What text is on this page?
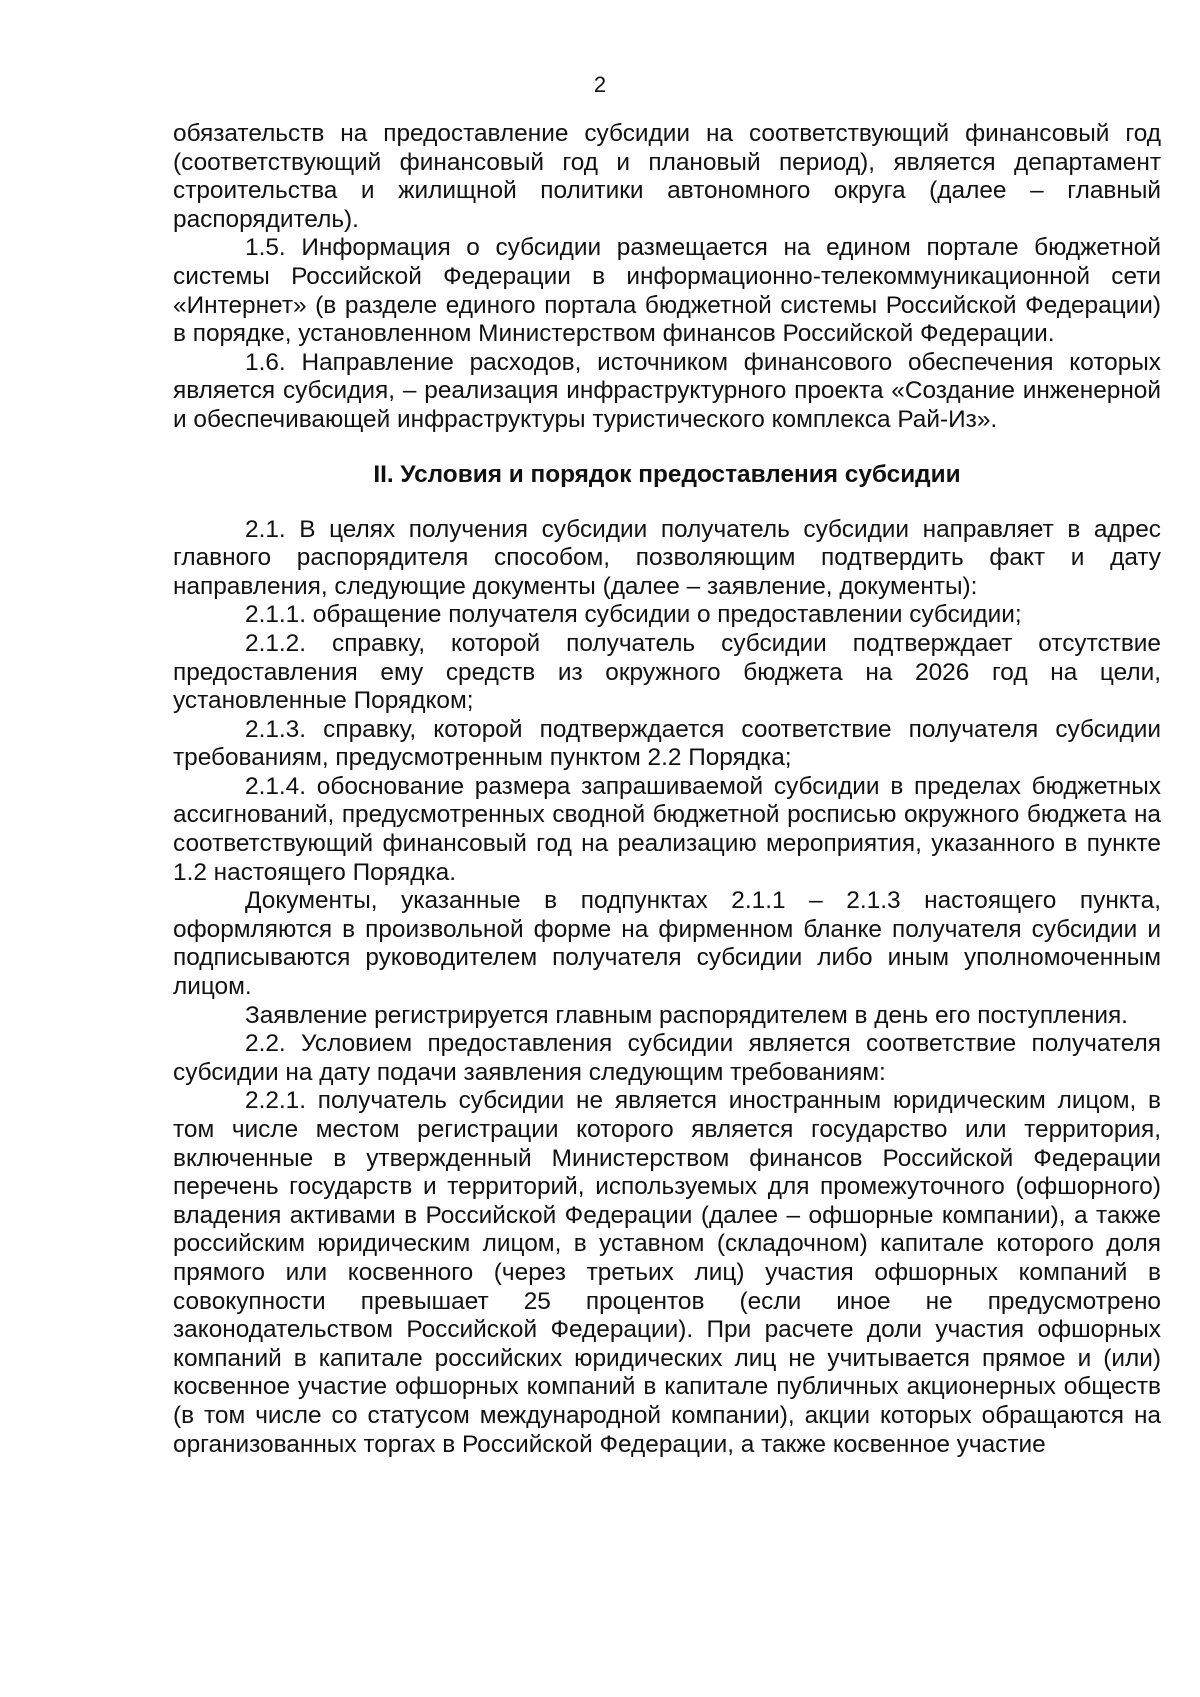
2

обязательств на предоставление субсидии на соответствующий финансовый год (соответствующий финансовый год и плановый период), является департамент строительства и жилищной политики автономного округа (далее – главный распорядитель).

1.5. Информация о субсидии размещается на едином портале бюджетной системы Российской Федерации в информационно-телекоммуникационной сети «Интернет» (в разделе единого портала бюджетной системы Российской Федерации) в порядке, установленном Министерством финансов Российской Федерации.

1.6. Направление расходов, источником финансового обеспечения которых является субсидия, – реализация инфраструктурного проекта «Создание инженерной и обеспечивающей инфраструктуры туристического комплекса Рай-Из».

II. Условия и порядок предоставления субсидии

2.1. В целях получения субсидии получатель субсидии направляет в адрес главного распорядителя способом, позволяющим подтвердить факт и дату направления, следующие документы (далее – заявление, документы):

2.1.1. обращение получателя субсидии о предоставлении субсидии;

2.1.2. справку, которой получатель субсидии подтверждает отсутствие предоставления ему средств из окружного бюджета на 2026 год на цели, установленные Порядком;

2.1.3. справку, которой подтверждается соответствие получателя субсидии требованиям, предусмотренным пунктом 2.2 Порядка;

2.1.4. обоснование размера запрашиваемой субсидии в пределах бюджетных ассигнований, предусмотренных сводной бюджетной росписью окружного бюджета на соответствующий финансовый год на реализацию мероприятия, указанного в пункте 1.2 настоящего Порядка.

Документы, указанные в подпунктах 2.1.1 – 2.1.3 настоящего пункта, оформляются в произвольной форме на фирменном бланке получателя субсидии и подписываются руководителем получателя субсидии либо иным уполномоченным лицом.

Заявление регистрируется главным распорядителем в день его поступления.

2.2. Условием предоставления субсидии является соответствие получателя субсидии на дату подачи заявления следующим требованиям:

2.2.1. получатель субсидии не является иностранным юридическим лицом, в том числе местом регистрации которого является государство или территория, включенные в утвержденный Министерством финансов Российской Федерации перечень государств и территорий, используемых для промежуточного (офшорного) владения активами в Российской Федерации (далее – офшорные компании), а также российским юридическим лицом, в уставном (складочном) капитале которого доля прямого или косвенного (через третьих лиц) участия офшорных компаний в совокупности превышает 25 процентов (если иное не предусмотрено законодательством Российской Федерации). При расчете доли участия офшорных компаний в капитале российских юридических лиц не учитывается прямое и (или) косвенное участие офшорных компаний в капитале публичных акционерных обществ (в том числе со статусом международной компании), акции которых обращаются на организованных торгах в Российской Федерации, а также косвенное участие
